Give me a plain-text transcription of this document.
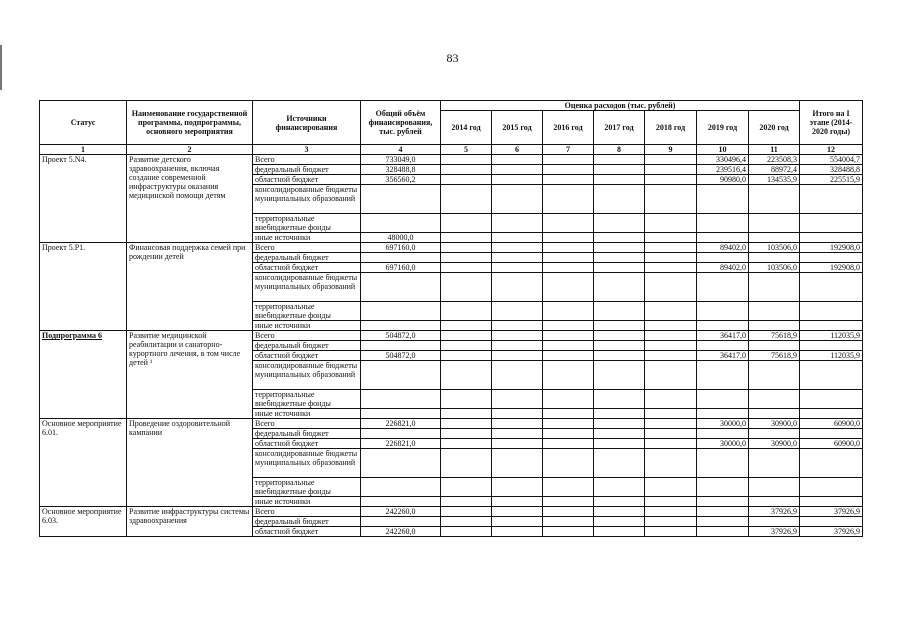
83
Статус	Наименование государственной программы, подпрограммы, основного мероприятия	Источники финансирования	Общий объём финансирования, тыс. рублей	Оценка расходов (тыс. рублей)							Итого на I этапе (2014-2020 годы)
				2014 год	2015 год	2016 год	2017 год	2018 год	2019 год	2020 год	
1	2	3	4	5	6	7	8	9	10	11	12
Проект 5.N4.	Развитие детского здравоохранения, включая создание современной инфраструктуры оказания медицинской помощи детям	Всего	733049,0						330496,4	223508,3	554004,7
		федеральный бюджет	328488,8						239516,4	88972,4	328488,8
		областной бюджет	356560,2						90980,0	134535,9	225515,9
		консолидированные бюджеты муниципальных образований									
		территориальные внебюджетные фонды									
		иные источники	48000,0								
Проект 5.Р1.	Финансовая поддержка семей при рождении детей	Всего	697160,0						89402,0	103506,0	192908,0
		федеральный бюджет									
		областной бюджет	697160,0						89402,0	103506,0	192908,0
		консолидированные бюджеты муниципальных образований									
		территориальные внебюджетные фонды									
		иные источники									
Подпрограмма 6	Развитие медицинской реабилитации и санаторно-курортного лечения, в том числе детей ¹	Всего	504872,0						36417,0	75618,9	112035,9
		федеральный бюджет									
		областной бюджет	504872,0						36417,0	75618,9	112035,9
		консолидированные бюджеты муниципальных образований									
		территориальные внебюджетные фонды									
		иные источники									
Основное мероприятие 6.01.	Проведение оздоровительной кампании	Всего	226821,0						30000,0	30900,0	60900,0
		федеральный бюджет									
		областной бюджет	226821,0						30000,0	30900,0	60900,0
		консолидированные бюджеты муниципальных образований									
		территориальные внебюджетные фонды									
		иные источники									
Основное мероприятие 6.03.	Развитие инфраструктуры системы здравоохранения	Всего	242260,0							37926,9	37926,9
		федеральный бюджет									
		областной бюджет	242260,0							37926,9	37926,9
